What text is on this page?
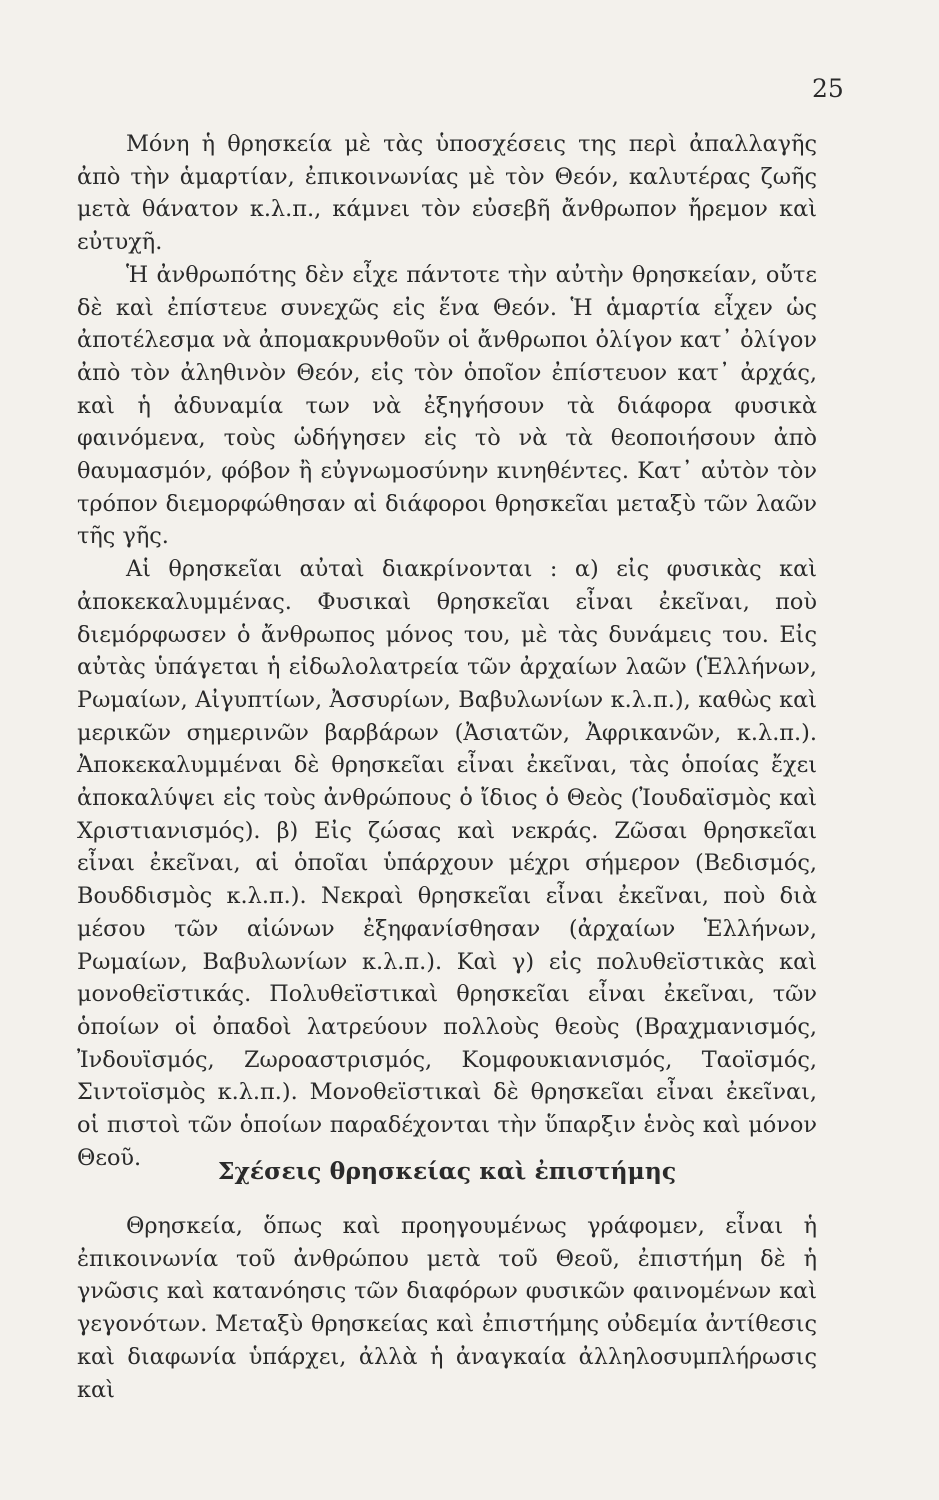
25

Μόνη ἡ θρησκεία μὲ τὰς ὑποσχέσεις της περὶ ἀπαλλαγῆς ἀπὸ τὴν ἁμαρτίαν, ἐπικοινωνίας μὲ τὸν Θεόν, καλυτέρας ζωῆς μετὰ θάνατον κ.λ.π., κάμνει τὸν εὐσεβῆ ἄνθρωπον ἤρεμον καὶ εὐτυχῆ.

Ἡ ἀνθρωπότης δὲν εἶχε πάντοτε τὴν αὐτὴν θρησκείαν, οὔτε δὲ καὶ ἐπίστευε συνεχῶς εἰς ἕνα Θεόν. Ἡ ἁμαρτία εἶχεν ὡς ἀποτέλεσμα νὰ ἀπομακρυνθοῦν οἱ ἄνθρωποι ὀλίγον κατ᾽ ὀλίγον ἀπὸ τὸν ἀληθινὸν Θεόν, εἰς τὸν ὁποῖον ἐπίστευον κατ᾽ ἀρχάς, καὶ ἡ ἀδυναμία των νὰ ἐξηγήσουν τὰ διάφορα φυσικὰ φαινόμενα, τοὺς ὡδήγησεν εἰς τὸ νὰ τὰ θεοποιήσουν ἀπὸ θαυμασμόν, φόβον ἢ εὐγνωμοσύνην κινηθέντες. Κατ᾽ αὐτὸν τὸν τρόπον διεμορφώθησαν αἱ διάφοροι θρησκεῖαι μεταξὺ τῶν λαῶν τῆς γῆς.

Αἱ θρησκεῖαι αὐταὶ διακρίνονται : α) εἰς φυσικὰς καὶ ἀποκεκαλυμμένας. Φυσικαὶ θρησκεῖαι εἶναι ἐκεῖναι, ποὺ διεμόρφωσεν ὁ ἄνθρωπος μόνος του, μὲ τὰς δυνάμεις του. Εἰς αὐτὰς ὑπάγεται ἡ εἰδωλολατρεία τῶν ἀρχαίων λαῶν (Ἑλλήνων, Ρωμαίων, Αἰγυπτίων, Ἀσσυρίων, Βαβυλωνίων κ.λ.π.), καθὼς καὶ μερικῶν σημερινῶν βαρβάρων (Ἀσιατῶν, Ἀφρικανῶν, κ.λ.π.). Ἀποκεκαλυμμέναι δὲ θρησκεῖαι εἶναι ἐκεῖναι, τὰς ὁποίας ἔχει ἀποκαλύψει εἰς τοὺς ἀνθρώπους ὁ ἴδιος ὁ Θεὸς (Ἰουδαϊσμὸς καὶ Χριστιανισμός). β) Εἰς ζώσας καὶ νεκράς. Ζῶσαι θρησκεῖαι εἶναι ἐκεῖναι, αἱ ὁποῖαι ὑπάρχουν μέχρι σήμερον (Βεδισμός, Βουδδισμὸς κ.λ.π.). Νεκραὶ θρησκεῖαι εἶναι ἐκεῖναι, ποὺ διὰ μέσου τῶν αἰώνων ἐξηφανίσθησαν (ἀρχαίων Ἑλλήνων, Ρωμαίων, Βαβυλωνίων κ.λ.π.). Καὶ γ) εἰς πολυθεϊστικὰς καὶ μονοθεϊστικάς. Πολυθεϊστικαὶ θρησκεῖαι εἶναι ἐκεῖναι, τῶν ὁποίων οἱ ὀπαδοὶ λατρεύουν πολλοὺς θεοὺς (Βραχμανισμός, Ἰνδουϊσμός, Ζωροαστρισμός, Κομφουκιανισμός, Ταοϊσμός, Σιντοϊσμὸς κ.λ.π.). Μονοθεϊστικαὶ δὲ θρησκεῖαι εἶναι ἐκεῖναι, οἱ πιστοὶ τῶν ὁποίων παραδέχονται τὴν ὕπαρξιν ἑνὸς καὶ μόνον Θεοῦ.	Σχέσεις θρησκείας καὶ ἐπιστήμης

Θρησκεία, ὅπως καὶ προηγουμένως γράφομεν, εἶναι ἡ ἐπικοινωνία τοῦ ἀνθρώπου μετὰ τοῦ Θεοῦ, ἐπιστήμη δὲ ἡ γνῶσις καὶ κατανόησις τῶν διαφόρων φυσικῶν φαινομένων καὶ γεγονότων. Μεταξὺ θρησκείας καὶ ἐπιστήμης οὐδεμία ἀντίθεσις καὶ διαφωνία ὑπάρχει, ἀλλὰ ἡ ἀναγκαία ἀλληλοσυμπλήρωσις καὶ
